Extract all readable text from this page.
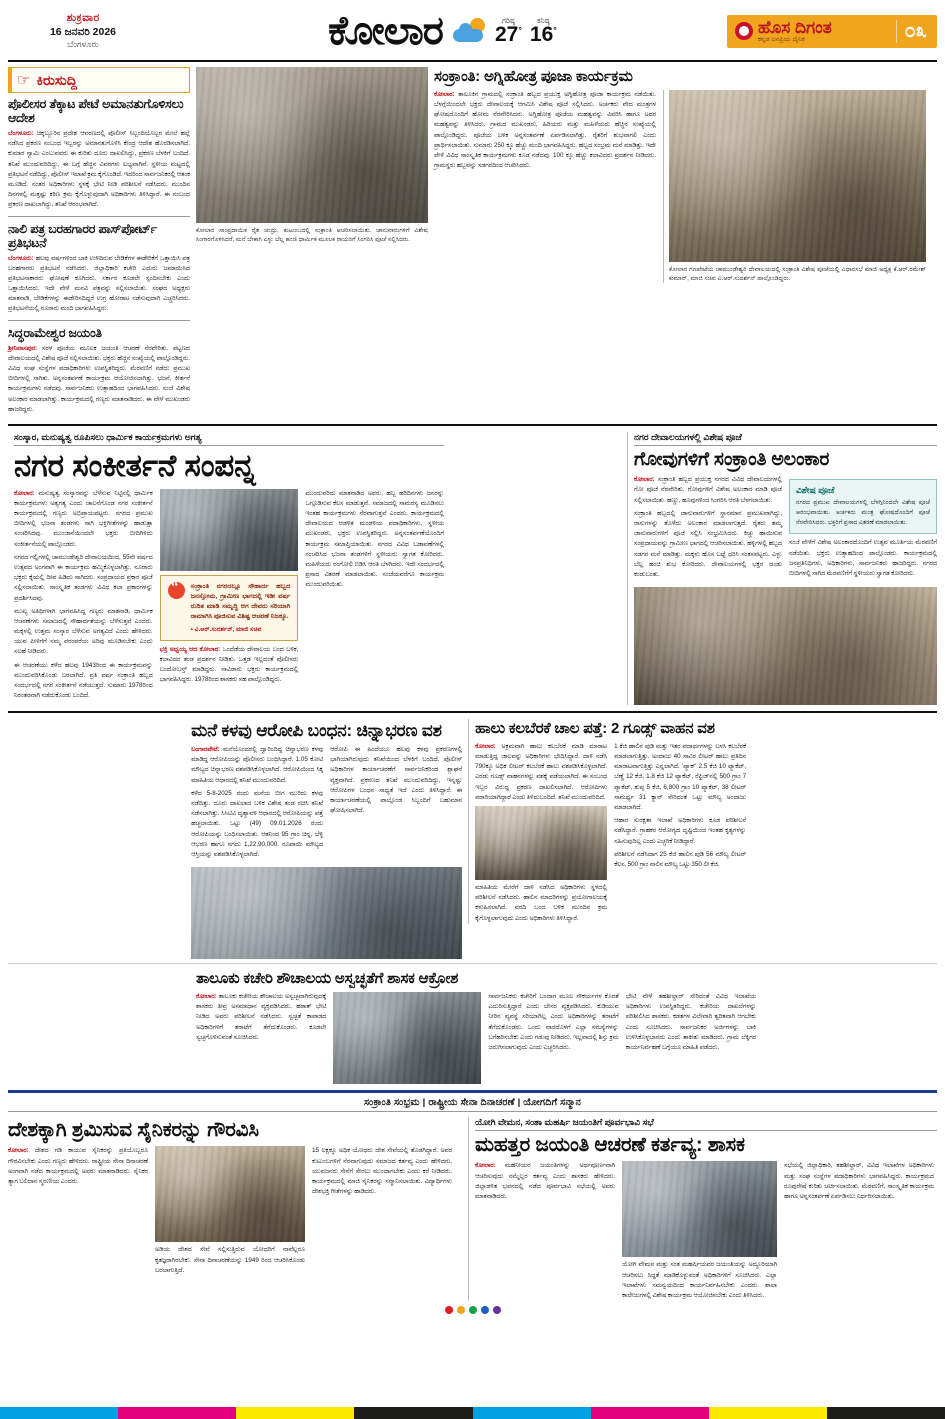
ಶುಕ್ರವಾರ
16 ಜನವರಿ 2026
ಬೆಂಗಳೂರು	ಕೋಲಾರ	ಗರಿಷ್ಠ
27°
ಕನಿಷ್ಠ
16°	ಹೊಸ ದಿಗಂತ
ಕನ್ನಡ ಜನಪ್ರಿಯ ದೈನಿಕ	೦೩
☞ ಕಿರುಸುದ್ದಿ
ಪೊಲೀಸರ ತೆಕ್ಕಾಟ ಪೇಟೆ ಅಮಾನತುಗೊಳಿಸಲು ಆದೇಶ

ಬೆಂಗಳೂರು: ಚಿಕ್ಕಬ್ಬೂರಿನ ಪ್ರದೇಶ ಆವರಣದಲ್ಲಿ ಪೊಲೀಸ್ ಸಿಬ್ಬಂದಿಯೊಬ್ಬರ ಮೇಲೆ ಹಲ್ಲೆ ನಡೆಸಿದ ಪ್ರಕರಣ ಸಂಬಂಧ ಇಬ್ಬರನ್ನು ಅಮಾನತುಗೊಳಿಸಿ ಕೇಂದ್ರ ಆದೇಶ ಹೊರಡಿಸಲಾಗಿದೆ. ಕುಮಾರ ಸ್ವಾಮಿ ಎಂಬುವವರು ಈ ಕುರಿತು ದೂರು ದಾಖಲಿಸಿದ್ದು, ಪ್ರಕರಣ ಬೆಳಕಿಗೆ ಬಂದಿದೆ. ತನಿಖೆ ಮುಂದುವರಿದಿದ್ದು, ಈ ಬಗ್ಗೆ ಹೆಚ್ಚಿನ ವಿವರಗಳು ಲಭ್ಯವಾಗಿವೆ. ಸ್ಥಳೀಯ ಮಟ್ಟದಲ್ಲಿ ಪ್ರತಿಭಟನೆ ನಡೆದಿದ್ದು, ಪೊಲೀಸ್ ಇಲಾಖೆ ಕ್ರಮ ಕೈಗೊಂಡಿದೆ. ಇದರಿಂದ ಸಾರ್ವಜನಿಕರಲ್ಲಿ ಆತಂಕ ಮೂಡಿದೆ. ನಂತರ ಅಧಿಕಾರಿಗಳು ಸ್ಥಳಕ್ಕೆ ಭೇಟಿ ನೀಡಿ ಪರಿಶೀಲನೆ ನಡೆಸಿದರು. ಮುಂದಿನ ದಿನಗಳಲ್ಲಿ ಮತ್ತಷ್ಟು ಕಠಿಣ ಕ್ರಮ ಕೈಗೊಳ್ಳುವುದಾಗಿ ಅಧಿಕಾರಿಗಳು ತಿಳಿಸಿದ್ದಾರೆ. ಈ ಸಂಬಂಧ ಪ್ರಕರಣ ದಾಖಲಾಗಿದ್ದು, ತನಿಖೆ ಆರಂಭವಾಗಿದೆ.

ನಾಲಿ ಪತ್ರ ಬರಹಗಾರರ ಪಾಸ್‌ಪೋರ್ಟ್ ಪ್ರತಿಭಟನೆ

ಬೆಂಗಳೂರು: ಹಲವು ವರ್ಷಗಳಿಂದ ಬಾಕಿ ಉಳಿದಿರುವ ಬೇಡಿಕೆಗಳ ಈಡೇರಿಕೆಗೆ ಒತ್ತಾಯಿಸಿ ಪತ್ರ ಬರಹಗಾರರು ಪ್ರತಿಭಟನೆ ನಡೆಸಿದರು. ಜಿಲ್ಲಾಧಿಕಾರಿ ಕಚೇರಿ ಎದುರು ಜಮಾಯಿಸಿದ ಪ್ರತಿಭಟನಾಕಾರರು ಘೋಷಣೆ ಕೂಗಿದರು. ಸರ್ಕಾರ ಕೂಡಲೇ ಸ್ಪಂದಿಸಬೇಕು ಎಂದು ಒತ್ತಾಯಿಸಿದರು. ಇದೇ ವೇಳೆ ಮನವಿ ಪತ್ರವನ್ನು ಸಲ್ಲಿಸಲಾಯಿತು. ಸಂಘದ ಅಧ್ಯಕ್ಷರು ಮಾತನಾಡಿ, ಬೇಡಿಕೆಗಳನ್ನು ಈಡೇರಿಸದಿದ್ದರೆ ಉಗ್ರ ಹೋರಾಟ ನಡೆಸುವುದಾಗಿ ಎಚ್ಚರಿಸಿದರು. ಪ್ರತಿಭಟನೆಯಲ್ಲಿ ನೂರಾರು ಮಂದಿ ಭಾಗವಹಿಸಿದ್ದರು.

ಸಿದ್ಧರಾಮೇಶ್ವರ ಜಯಂತಿ

ಶ್ರೀನಿವಾಸಪುರ: ಸರಳ ಪೂಜೆಯ ಮೂಲಕ ಜಯಂತಿ ಆಚರಣೆ ನೆರವೇರಿತು. ಪಟ್ಟಣದ ದೇವಾಲಯದಲ್ಲಿ ವಿಶೇಷ ಪೂಜೆ ಸಲ್ಲಿಸಲಾಯಿತು. ಭಕ್ತರು ಹೆಚ್ಚಿನ ಸಂಖ್ಯೆಯಲ್ಲಿ ಪಾಲ್ಗೊಂಡಿದ್ದರು. ವಿವಿಧ ಸಂಘ ಸಂಸ್ಥೆಗಳ ಪದಾಧಿಕಾರಿಗಳು ಉಪಸ್ಥಿತರಿದ್ದರು. ಮೆರವಣಿಗೆ ನಡೆದು ಪ್ರಮುಖ ಬೀದಿಗಳಲ್ಲಿ ಸಾಗಿತು. ಅನ್ನಸಂತರ್ಪಣೆ ಕಾರ್ಯಕ್ರಮ ಆಯೋಜಿಸಲಾಗಿತ್ತು. ಭಜನೆ, ಕೀರ್ತನೆ ಕಾರ್ಯಕ್ರಮಗಳು ನಡೆದವು. ಸಾರ್ವಜನಿಕರು ಉತ್ಸಾಹದಿಂದ ಭಾಗವಹಿಸಿದರು. ಸಂಜೆ ವಿಶೇಷ ಅಲಂಕಾರ ಮಾಡಲಾಗಿತ್ತು. ಕಾರ್ಯಕ್ರಮದಲ್ಲಿ ಗಣ್ಯರು ಮಾತನಾಡಿದರು. ಈ ವೇಳೆ ಮುಖಂಡರು ಹಾಜರಿದ್ದರು.

ಕೋಲಾರ ಸಾಂಪ್ರದಾಯಿಕ ರೈತ ಚಂದ್ರು, ಕುಟುಂಬದಲ್ಲಿ ಸಂಕ್ರಾಂತಿ ಆಚರಿಸಲಾಯಿತು. ಜಾನುವಾರುಗಳಿಗೆ ವಿಶೇಷ ಸಿಂಗಾರಗೊಳಿಸಿದರೆ, ಮನೆ ಬೇಕಾಗಿ ಎಳ್ಳು ಬೆಲ್ಲ ಹಂಚಿ ಧಾರ್ಮಿಕ ಮೂಲಕ ರಾಯರಿಗೆ ಸಿಂಗರಿಸಿ ಪೂಜೆ ಸಲ್ಲಿಸಿದರು.
ಸಂಕ್ರಾಂತಿ: ಅಗ್ನಿಹೋತ್ರ ಪೂಜಾ ಕಾರ್ಯಕ್ರಮ

ಕೋಲಾರ: ತಾಲೂಕಿನ ಗ್ರಾಮದಲ್ಲಿ ಸಂಕ್ರಾಂತಿ ಹಬ್ಬದ ಪ್ರಯುಕ್ತ ಅಗ್ನಿಹೋತ್ರ ಪೂಜಾ ಕಾರ್ಯಕ್ರಮ ನಡೆಯಿತು. ಬೆಳಗ್ಗೆಯಿಂದಲೇ ಭಕ್ತರು ದೇವಾಲಯಕ್ಕೆ ಆಗಮಿಸಿ ವಿಶೇಷ ಪೂಜೆ ಸಲ್ಲಿಸಿದರು. ಅರ್ಚಕರು ವೇದ ಮಂತ್ರಗಳ ಘೋಷದೊಂದಿಗೆ ಹೋಮ ನೆರವೇರಿಸಿದರು. ಅಗ್ನಿಹೋತ್ರ ಪೂಜೆಯ ಮಹತ್ವವನ್ನು ವಿವರಿಸಿ ಹಾಗೂ ಅದರ ಮಹತ್ವವನ್ನು ತಿಳಿಸಿದರು. ಗ್ರಾಮದ ಮುಖಂಡರು, ಹಿರಿಯರು ಮತ್ತು ಮಹಿಳೆಯರು ಹೆಚ್ಚಿನ ಸಂಖ್ಯೆಯಲ್ಲಿ ಪಾಲ್ಗೊಂಡಿದ್ದರು. ಪೂಜೆಯ ಬಳಿಕ ಅನ್ನಸಂತರ್ಪಣೆ ಏರ್ಪಡಿಸಲಾಗಿತ್ತು. ರೈತರಿಗೆ ಶುಭವಾಗಲಿ ಎಂದು ಪ್ರಾರ್ಥಿಸಲಾಯಿತು. ಸುಮಾರು 250 ಕ್ಕೂ ಹೆಚ್ಚು ಮಂದಿ ಭಾಗವಹಿಸಿದ್ದರು. ಹಬ್ಬದ ಸಂಭ್ರಮ ಮನೆ ಮಾಡಿತ್ತು. ಇದೇ ವೇಳೆ ವಿವಿಧ ಸಾಂಸ್ಕೃತಿಕ ಕಾರ್ಯಕ್ರಮಗಳು ಕೂಡ ನಡೆದವು. 100 ಕ್ಕೂ ಹೆಚ್ಚು ಕಲಾವಿದರು ಪ್ರದರ್ಶನ ನೀಡಿದರು. ಗ್ರಾಮಸ್ಥರು ಹಬ್ಬವನ್ನು ಸಡಗರದಿಂದ ಆಚರಿಸಿದರು.

ಕೋಲಾರ ಗಣಪೇಟೆಯ ಚಾಮುಂಡೇಶ್ವರಿ ದೇವಾಲಯದಲ್ಲಿ ಸಂಕ್ರಾಂತಿ ವಿಶೇಷ ಪೂಜೆಯಲ್ಲಿ ವಿಧಾನಸಭೆ ಮಾಜಿ ಅಧ್ಯಕ್ಷ ಕೆ.ಆರ್.ರಮೇಶ್ ಕುಮಾರ್, ಮಾಜಿ ಸಚಿವ ವಿ.ಆರ್.ಸುದರ್ಶನ್ ಪಾಲ್ಗೊಂಡಿದ್ದರು.
ಸಂಸ್ಕಾರ, ಮನುಷ್ಯತ್ವ ರೂಪಿಸಲು ಧಾರ್ಮಿಕ ಕಾರ್ಯಕ್ರಮಗಳು ಅಗತ್ಯ
ನಗರ ಸಂಕೀರ್ತನೆ ಸಂಪನ್ನ

ಕೋಲಾರ: ಮನುಷ್ಯತ್ವ ಸಂಸ್ಕಾರವನ್ನು ಬೆಳೆಸುವ ನಿಟ್ಟಿನಲ್ಲಿ ಧಾರ್ಮಿಕ ಕಾರ್ಯಕ್ರಮಗಳು ಅತ್ಯಗತ್ಯ ಎಂದು ಚಾಲನೆಗೊಂಡ ನಗರ ಸಂಕೀರ್ತನೆ ಕಾರ್ಯಕ್ರಮದಲ್ಲಿ ಗಣ್ಯರು ಅಭಿಪ್ರಾಯಪಟ್ಟರು. ನಗರದ ಪ್ರಮುಖ ಬೀದಿಗಳಲ್ಲಿ ಭಜನಾ ತಂಡಗಳು ಸಾಗಿ ಭಕ್ತಿಗೀತೆಗಳನ್ನು ಹಾಡುತ್ತಾ ಸಂಚರಿಸಿದವು. ಮುಂಜಾನೆಯಿಂದಲೇ ಭಕ್ತರು ಬೀದಿಗಿಳಿದು ಸಂಕೀರ್ತನೆಯಲ್ಲಿ ಪಾಲ್ಗೊಂಡರು.

ನಗರದ ಗಲ್ಲಿಗಳಲ್ಲಿ ಚಾಮುಂಡೇಶ್ವರಿ ದೇವಾಲಯದಿಂದ, 55ನೇ ವರ್ಷದ ಉತ್ಸವದ ಅಂಗವಾಗಿ ಈ ಕಾರ್ಯಕ್ರಮ ಹಮ್ಮಿಕೊಳ್ಳಲಾಗಿತ್ತು. ನೂರಾರು ಭಕ್ತರು ಕೈಯಲ್ಲಿ ದೀಪ ಹಿಡಿದು ಸಾಗಿದರು. ಸಂಪ್ರದಾಯದ ಪ್ರಕಾರ ಪೂಜೆ ಸಲ್ಲಿಸಲಾಯಿತು. ಸಾಂಸ್ಕೃತಿಕ ತಂಡಗಳು ವಿವಿಧ ಕಲಾ ಪ್ರಕಾರಗಳನ್ನು ಪ್ರದರ್ಶಿಸಿದವು.

ಮುಖ್ಯ ಅತಿಥಿಗಳಾಗಿ ಭಾಗವಹಿಸಿದ್ದ ಗಣ್ಯರು ಮಾತನಾಡಿ, ಧಾರ್ಮಿಕ ಆಚರಣೆಗಳು ಸಮಾಜದಲ್ಲಿ ಸೌಹಾರ್ದತೆಯನ್ನು ಬೆಳೆಸುತ್ತವೆ ಎಂದರು. ಮಕ್ಕಳಲ್ಲಿ ಉತ್ತಮ ಸಂಸ್ಕಾರ ಬೆಳೆಸುವ ಅಗತ್ಯವಿದೆ ಎಂದು ಹೇಳಿದರು. ಯುವ ಪೀಳಿಗೆಗೆ ನಮ್ಮ ಪರಂಪರೆಯ ಅರಿವು ಮೂಡಿಸಬೇಕು ಎಂದು ಸಲಹೆ ನೀಡಿದರು.

ಈ ಆಚರಣೆಯು ಕಳೆದ ಹಲವು 1943ರಿಂದ ಈ ಕಾರ್ಯಕ್ರಮವನ್ನು ಮುಂದುವರಿಸಿಕೊಂಡು ಬರಲಾಗಿದೆ. ಪ್ರತಿ ವರ್ಷ ಸಂಕ್ರಾಂತಿ ಹಬ್ಬದ ಸಂದರ್ಭದಲ್ಲಿ ನಗರ ಸಂಕೀರ್ತನೆ ನಡೆಯುತ್ತದೆ. ಸುಮಾರು 1978ರಿಂದ ನಿರಂತರವಾಗಿ ನಡೆದುಕೊಂಡು ಬಂದಿದೆ.

“
ಸಂಕ್ರಾಂತಿ ನಗರದಲ್ಲೂ ಸೌಹಾರ್ದ ಹಬ್ಬದ ಜನಸ್ತೋಮ, ಗ್ರಾಮೀಣ ಭಾಗದಲ್ಲಿ ಇಡೀ ವರ್ಷ ರುದಿತ ಮಾಡಿ ಸಮೃದ್ಧಿ ಆಗ ದೇವರು ಸರಿಯಾಗಿ ರಾಮಾಗಿಸಿ ಪೂಜಿಸುವ ವಿಶಿಷ್ಟ ಆಚರಣೆ ನಿಜಕ್ಕೂ.
▪ ವಿ.ಆರ್.ಸುದರ್ಶನ್, ಮಾಜಿ ಸಚಿವ

ಭಕ್ತಿ ಅಧ್ವಯ್ಯ ಆದ ಕೋಲಾರ: ಒಂದೆಡೆಯ ದೇವಾಲಯ ಬಂದ ಬಳಿಕ, ಕಲಾವಿದರ ತಂಡ ಪ್ರದರ್ಶನ ನೀಡಿತು. ಒತ್ತಡ ಇಲ್ಲದಂತೆ ಪೊಲೀಸರು ಬಂದೋಬಸ್ತ್ ಮಾಡಿದ್ದರು. ಸಾವಿರಾರು ಭಕ್ತರು ಕಾರ್ಯಕ್ರಮದಲ್ಲಿ ಭಾಗವಹಿಸಿದ್ದರು. 1978ರಿಂದ ಶಾಸಕರು ಸಹ ಪಾಲ್ಗೊಂಡಿದ್ದರು.

ಮುಂದುವರಿದು ಮಾತನಾಡಿದ ಅವರು, ಹಬ್ಬ ಹರಿದಿನಗಳು ಜನರನ್ನು ಒಗ್ಗೂಡಿಸುವ ಕೆಲಸ ಮಾಡುತ್ತವೆ. ಸಮಾಜದಲ್ಲಿ ಸಾಮರಸ್ಯ ಮೂಡಿಸಲು ಇಂತಹ ಕಾರ್ಯಕ್ರಮಗಳು ನೆರವಾಗುತ್ತವೆ ಎಂದರು. ಕಾರ್ಯಕ್ರಮದಲ್ಲಿ ದೇವಾಲಯದ ಆಡಳಿತ ಮಂಡಳಿಯ ಪದಾಧಿಕಾರಿಗಳು, ಸ್ಥಳೀಯ ಮುಖಂಡರು, ಭಕ್ತರು ಉಪಸ್ಥಿತರಿದ್ದರು. ಅನ್ನಸಂತರ್ಪಣೆಯೊಂದಿಗೆ ಕಾರ್ಯಕ್ರಮ ಸಮಾಪ್ತಿಯಾಯಿತು. ನಗರದ ವಿವಿಧ ಬಡಾವಣೆಗಳಲ್ಲಿ ಸಂಚರಿಸಿದ ಭಜನಾ ತಂಡಗಳಿಗೆ ಸ್ಥಳೀಯರು ಸ್ವಾಗತ ಕೋರಿದರು. ಮಹಿಳೆಯರು ರಂಗೋಲಿ ಬಿಡಿಸಿ ಆರತಿ ಬೆಳಗಿದರು. ಇದೇ ಸಂದರ್ಭದಲ್ಲಿ ಪ್ರಸಾದ ವಿತರಣೆ ಮಾಡಲಾಯಿತು. ಸಂಜೆಯವರೆಗೂ ಕಾರ್ಯಕ್ರಮ ಮುಂದುವರಿಯಿತು.
ನಗರ ದೇವಾಲಯಗಳಲ್ಲಿ ವಿಶೇಷ ಪೂಜೆ
ಗೋವುಗಳಿಗೆ ಸಂಕ್ರಾಂತಿ ಅಲಂಕಾರ

ಕೋಲಾರ: ಸಂಕ್ರಾಂತಿ ಹಬ್ಬದ ಪ್ರಯುಕ್ತ ನಗರದ ವಿವಿಧ ದೇವಾಲಯಗಳಲ್ಲಿ ಗೋ ಪೂಜೆ ನೆರವೇರಿತು. ಗೋವುಗಳಿಗೆ ವಿಶೇಷ ಅಲಂಕಾರ ಮಾಡಿ ಪೂಜೆ ಸಲ್ಲಿಸಲಾಯಿತು. ಹಣ್ಣು, ಹೂವುಗಳಿಂದ ಸಿಂಗರಿಸಿ ಆರತಿ ಬೆಳಗಲಾಯಿತು.

ಸಂಕ್ರಾಂತಿ ಹಬ್ಬದಲ್ಲಿ ಜಾನುವಾರುಗಳಿಗೆ ಸ್ಥಾನಮಾನ ಪ್ರಮುಖವಾಗಿದ್ದು, ರಾಸುಗಳನ್ನು ತೊಳೆದು ಅಲಂಕಾರ ಮಾಡಲಾಗುತ್ತದೆ. ರೈತರು ತಮ್ಮ ಜಾನುವಾರುಗಳಿಗೆ ಪೂಜೆ ಸಲ್ಲಿಸಿ ಸಂಭ್ರಮಿಸಿದರು. ಕಿಚ್ಚು ಹಾಯಿಸುವ ಸಂಪ್ರದಾಯವನ್ನು ಗ್ರಾಮೀಣ ಭಾಗದಲ್ಲಿ ಆಚರಿಸಲಾಯಿತು. ಹಳ್ಳಿಗಳಲ್ಲಿ ಹಬ್ಬದ ಸಡಗರ ಮನೆ ಮಾಡಿತ್ತು. ಮಕ್ಕಳು ಹೊಸ ಬಟ್ಟೆ ಧರಿಸಿ ಸಂತಸಪಟ್ಟರು. ಎಳ್ಳು ಬೆಲ್ಲ ಹಂಚಿ ಶುಭ ಕೋರಿದರು. ದೇವಾಲಯಗಳಲ್ಲಿ ಭಕ್ತರ ದಂಡು ಕಂಡುಬಂತು.

ವಿಶೇಷ ಪೂಜೆ
ನಗರದ ಪ್ರಮುಖ ದೇವಾಲಯಗಳಲ್ಲಿ ಬೆಳಗ್ಗಿನಿಂದಲೇ ವಿಶೇಷ ಪೂಜೆ ಆರಂಭವಾಯಿತು. ಅರ್ಚಕರು ಮಂತ್ರ ಘೋಷದೊಂದಿಗೆ ಪೂಜೆ ನೆರವೇರಿಸಿದರು. ಭಕ್ತರಿಗೆ ಪ್ರಸಾದ ವಿತರಣೆ ಮಾಡಲಾಯಿತು.
ಸಂಜೆ ವೇಳೆಗೆ ವಿಶೇಷ ಅಲಂಕಾರದೊಂದಿಗೆ ಉತ್ಸವ ಮೂರ್ತಿಯ ಮೆರವಣಿಗೆ ನಡೆಯಿತು. ಭಕ್ತರು ಉತ್ಸಾಹದಿಂದ ಪಾಲ್ಗೊಂಡರು. ಕಾರ್ಯಕ್ರಮದಲ್ಲಿ ಜನಪ್ರತಿನಿಧಿಗಳು, ಅಧಿಕಾರಿಗಳು, ಸಾರ್ವಜನಿಕರು ಹಾಜರಿದ್ದರು. ನಗರದ ಬೀದಿಗಳಲ್ಲಿ ಸಾಗಿದ ಮೆರವಣಿಗೆಗೆ ಸ್ಥಳೀಯರು ಸ್ವಾಗತ ಕೋರಿದರು.
ಮನೆ ಕಳವು ಆರೋಪಿ ಬಂಧನ: ಚಿನ್ನಾಭರಣ ವಶ

ಬಂಗಾರಪೇಟೆ: ಮನೆಯೊಂದರಲ್ಲಿ ದ್ವಾರಿಂದಿದ್ದ ಚಿನ್ನಾಭರಣ ಕಳವು ಮಾಡಿದ್ದ ಆರೋಪಿಯನ್ನು ಪೊಲೀಸರು ಬಂಧಿಸಿದ್ದಾರೆ. 1.05 ಕೋಟಿ ಮೌಲ್ಯದ ಚಿನ್ನಾಭರಣ ವಶಪಡಿಸಿಕೊಳ್ಳಲಾಗಿದೆ. ಆರೋಪಿಯಿಂದ ಸಿಕ್ಕ ಮಾಹಿತಿಯ ಆಧಾರದಲ್ಲಿ ತನಿಖೆ ಮುಂದುವರಿದಿದೆ.

ಕಳೆದ 5-8-2025 ರಂದು ಮನೆಯ ಬೀಗ ಮುರಿದು ಕಳವು ನಡೆದಿತ್ತು. ದೂರು ದಾಖಲಾದ ಬಳಿಕ ವಿಶೇಷ ತಂಡ ರಚಿಸಿ ತನಿಖೆ ನಡೆಸಲಾಗಿತ್ತು. ಸಿಸಿಟಿವಿ ದೃಶ್ಯಾವಳಿ ಆಧಾರದಲ್ಲಿ ಆರೋಪಿಯನ್ನು ಪತ್ತೆ ಹಚ್ಚಲಾಯಿತು. ಒಟ್ಟು (49) 09.01.2026 ರಂದು ಆರೋಪಿಯನ್ನು ಬಂಧಿಸಲಾಯಿತು. ಆತನಿಂದ 95 ಗ್ರಾಂ ಚಿನ್ನ, ಬೆಳ್ಳಿ ಆಭರಣ ಹಾಗೂ ನಗದು 1,22,90,000. ರೂಪಾಯಿ ಮೌಲ್ಯದ ಆಸ್ತಿಯನ್ನು ವಶಪಡಿಸಿಕೊಳ್ಳಲಾಗಿದೆ.

ಆರೋಪಿ ಈ ಹಿಂದೆಯೂ ಹಲವು ಕಳವು ಪ್ರಕರಣಗಳಲ್ಲಿ ಭಾಗಿಯಾಗಿರುವುದು ತನಿಖೆಯಿಂದ ಬೆಳಕಿಗೆ ಬಂದಿದೆ. ಪೊಲೀಸ್ ಅಧಿಕಾರಿಗಳ ಕಾರ್ಯಾಚರಣೆಗೆ ಸಾರ್ವಜನಿಕರಿಂದ ಶ್ಲಾಘನೆ ವ್ಯಕ್ತವಾಗಿದೆ. ಪ್ರಕರಣದ ತನಿಖೆ ಮುಂದುವರಿದಿದ್ದು, ಇನ್ನಷ್ಟು ಆರೋಪಿಗಳ ಬಂಧನ ಸಾಧ್ಯತೆ ಇದೆ ಎಂದು ತಿಳಿಸಿದ್ದಾರೆ. ಈ ಕಾರ್ಯಾಚರಣೆಯಲ್ಲಿ ಪಾಲ್ಗೊಂಡ ಸಿಬ್ಬಂದಿಗೆ ಬಹುಮಾನ ಘೋಷಿಸಲಾಗಿದೆ.
ಹಾಲು ಕಲಬೆರಕೆ ಚಾಲ ಪತ್ತೆ: 2 ಗೂಡ್ಸ್ ವಾಹನ ವಶ

ಕೋಲಾರ: ಅಕ್ರಮವಾಗಿ ಹಾಲು ಕಲಬೆರಕೆ ಮಾಡಿ ಮಾರಾಟ ಮಾಡುತ್ತಿದ್ದ ಜಾಲವನ್ನು ಅಧಿಕಾರಿಗಳು ಭೇದಿಸಿದ್ದಾರೆ. ದಾಳಿ ನಡೆಸಿ 790ಕ್ಕೂ ಅಧಿಕ ಲೀಟರ್ ಕಲಬೆರಕೆ ಹಾಲು ವಶಪಡಿಸಿಕೊಳ್ಳಲಾಗಿದೆ. ಎರಡು ಗೂಡ್ಸ್ ವಾಹನಗಳನ್ನು ವಶಕ್ಕೆ ಪಡೆಯಲಾಗಿದೆ. ಈ ಸಂಬಂಧ ಇಬ್ಬರ ವಿರುದ್ಧ ಪ್ರಕರಣ ದಾಖಲಿಸಲಾಗಿದೆ. ಆರೋಪಿಗಳು ಪರಾರಿಯಾಗಿದ್ದಾರೆ ಎಂದು ತಿಳಿದುಬಂದಿದೆ. ತನಿಖೆ ಮುಂದುವರಿದಿದೆ.

ಮಾಹಿತಿಯ ಮೇರೆಗೆ ದಾಳಿ ನಡೆಸಿದ ಅಧಿಕಾರಿಗಳು ಸ್ಥಳದಲ್ಲಿ ಪರಿಶೀಲನೆ ನಡೆಸಿದರು. ಹಾಲಿನ ಮಾದರಿಗಳನ್ನು ಪ್ರಯೋಗಾಲಯಕ್ಕೆ ಕಳುಹಿಸಲಾಗಿದೆ. ವರದಿ ಬಂದ ಬಳಿಕ ಮುಂದಿನ ಕ್ರಮ ಕೈಗೊಳ್ಳಲಾಗುವುದು ಎಂದು ಅಧಿಕಾರಿಗಳು ತಿಳಿಸಿದ್ದಾರೆ.

1 ಕೆಜಿ ಹಾಲಿನ ಪುಡಿ ಮತ್ತು ಇತರ ಪದಾರ್ಥಗಳನ್ನು ಬಳಸಿ ಕಲಬೆರಕೆ ಮಾಡಲಾಗುತ್ತಿತ್ತು. ಅಂದಾಜು 40 ಸಾವಿರ ಲೀಟರ್ ಹಾಲು ಪ್ರತಿದಿನ ಮಾರಾಟವಾಗುತ್ತಿತ್ತು ಎನ್ನಲಾಗಿದೆ. 'ಪ್ಯಾಕ್' 2.5 ಕೆಜಿ 10 ಪ್ಯಾಕೆಟ್, ಬೆಣ್ಣೆ 12 ಕೆಜಿ, 1.8 ಕೆಜಿ 12 ಪ್ಯಾಕೆಟ್, ರೆಫ್ರಿಜ್‌ನಲ್ಲಿ 500 ಗ್ರಾಂ 7 ಪ್ಯಾಕೆಟ್, ತುಪ್ಪ 5 ಕೆಜಿ, 6,800 ಗ್ರಾಂ 10 ಪ್ಯಾಕೆಟ್, 38 ಲೀಟರ್ ಸಾಮರ್ಥ್ಯ 31 ಕ್ಯಾನ್ ಸೇರಿದಂತೆ ಒಟ್ಟು ಮೌಲ್ಯ ಅಂದಾಜು ಮಾಡಲಾಗಿದೆ.

ಆಹಾರ ಸುರಕ್ಷತಾ ಇಲಾಖೆ ಅಧಿಕಾರಿಗಳು ಕೂಡ ಪರಿಶೀಲನೆ ನಡೆಸಿದ್ದಾರೆ. ಗ್ರಾಹಕರ ಆರೋಗ್ಯದ ದೃಷ್ಟಿಯಿಂದ ಇಂತಹ ಕೃತ್ಯಗಳನ್ನು ಸಹಿಸುವುದಿಲ್ಲ ಎಂದು ಎಚ್ಚರಿಕೆ ನೀಡಿದ್ದಾರೆ.

ಪರಿಶೀಲನೆ ನಡೆಸಿದಾಗ 25 ಕೆಜಿ ಹಾಲಿನ ಪುಡಿ 56 ಮೌಲ್ಯ ಲೀಟರ್ ಕೆಲಸ, 500 ಗ್ರಾಂ ನಾಲಿನ ಮೌಲ್ಯ ಒಟ್ಟು 350 ಲೀ ಕೆಜಿ.

ತಾಲೂಕು ಕಚೇರಿ ಶೌಚಾಲಯ ಅಸ್ವಚ್ಛತೆಗೆ ಶಾಸಕ ಆಕ್ರೋಶ

ಕೋಲಾರ: ತಾಲೂಕು ಕಚೇರಿಯ ಶೌಚಾಲಯ ಅಸ್ವಚ್ಛವಾಗಿರುವುದಕ್ಕೆ ಶಾಸಕರು ತೀವ್ರ ಅಸಮಾಧಾನ ವ್ಯಕ್ತಪಡಿಸಿದರು. ಹಠಾತ್ ಭೇಟಿ ನೀಡಿದ ಅವರು ಪರಿಶೀಲನೆ ನಡೆಸಿದರು. ಸ್ವಚ್ಛತೆ ಕಾಪಾಡದ ಅಧಿಕಾರಿಗಳಿಗೆ ತರಾಟೆಗೆ ತೆಗೆದುಕೊಂಡರು. ಕೂಡಲೇ ಸ್ವಚ್ಛಗೊಳಿಸುವಂತೆ ಸೂಚಿಸಿದರು.

ಸಾರ್ವಜನಿಕರು ಕಚೇರಿಗೆ ಬಂದಾಗ ಮೂಲ ಸೌಕರ್ಯಗಳ ಕೊರತೆ ಎದುರಿಸುತ್ತಿದ್ದಾರೆ ಎಂದು ಬೇಸರ ವ್ಯಕ್ತಪಡಿಸಿದರು. ಕುಡಿಯುವ ನೀರಿನ ವ್ಯವಸ್ಥೆ ಸರಿಯಾಗಿಲ್ಲ ಎಂದು ಅಧಿಕಾರಿಗಳನ್ನು ತರಾಟೆಗೆ ತೆಗೆದುಕೊಂಡರು. ಒಂದು ವಾರದೊಳಗೆ ಎಲ್ಲಾ ಸಮಸ್ಯೆಗಳನ್ನು ಬಗೆಹರಿಸಬೇಕು ಎಂದು ಗಡುವು ನೀಡಿದರು. ಇಲ್ಲವಾದಲ್ಲಿ ಶಿಸ್ತು ಕ್ರಮ ಜರುಗಿಸಲಾಗುವುದು ಎಂದು ಎಚ್ಚರಿಸಿದರು.
ಭೇಟಿ ವೇಳೆ ತಹಶೀಲ್ದಾರ್ ಸೇರಿದಂತೆ ವಿವಿಧ ಇಲಾಖೆಯ ಅಧಿಕಾರಿಗಳು ಉಪಸ್ಥಿತರಿದ್ದರು. ಕಚೇರಿಯ ದಾಖಲೆಗಳನ್ನು ಪರಿಶೀಲಿಸಿದ ಶಾಸಕರು, ಕಡತಗಳ ವಿಲೇವಾರಿ ತ್ವರಿತವಾಗಿ ಆಗಬೇಕು ಎಂದು ಸೂಚಿಸಿದರು. ಸಾರ್ವಜನಿಕರ ಅರ್ಜಿಗಳನ್ನು ಬಾಕಿ ಉಳಿಸಿಕೊಳ್ಳಬಾರದು ಎಂದು ತಾಕೀತು ಮಾಡಿದರು. ಗ್ರಾಮ ಲೆಕ್ಕಿಗರ ಕಾರ್ಯನಿರ್ವಹಣೆ ಬಗ್ಗೆಯೂ ಮಾಹಿತಿ ಪಡೆದರು.
ಸಂಕ್ರಾಂತಿ ಸಂಭ್ರಮ | ರಾಷ್ಟ್ರೀಯ ಸೇನಾ ದಿನಾಚರಣೆ | ಯೋಗದಿಗೆ ಸನ್ಮಾನ
ದೇಶಕ್ಕಾಗಿ ಶ್ರಮಿಸುವ ಸೈನಿಕರನ್ನು ಗೌರವಿಸಿ

ಕೋಲಾರ: ದೇಶದ ಗಡಿ ಕಾಯುವ ಸೈನಿಕರನ್ನು ಪ್ರತಿಯೊಬ್ಬರೂ ಗೌರವಿಸಬೇಕು ಎಂದು ಗಣ್ಯರು ಹೇಳಿದರು. ರಾಷ್ಟ್ರೀಯ ಸೇನಾ ದಿನಾಚರಣೆ ಅಂಗವಾಗಿ ನಡೆದ ಕಾರ್ಯಕ್ರಮದಲ್ಲಿ ಅವರು ಮಾತನಾಡಿದರು. ಸೈನಿಕರ ತ್ಯಾಗ ಬಲಿದಾನ ಸ್ಮರಣೀಯ ಎಂದರು.

ಅಡಿಯ ದೇಶದ ಸೇವೆ ಸಲ್ಲಿಸುತ್ತಿರುವ ಯೋಧರಿಗೆ ನಾವೆಲ್ಲರೂ ಕೃತಜ್ಞರಾಗಿರಬೇಕು. ಸೇನಾ ದಿನಾಚರಣೆಯನ್ನು 1949 ರಿಂದ ಆಚರಿಸಿಕೊಂಡು ಬರಲಾಗುತ್ತಿದೆ.
15 ಲಕ್ಷಕ್ಕೂ ಅಧಿಕ ಯೋಧರು ದೇಶ ಸೇವೆಯಲ್ಲಿ ತೊಡಗಿದ್ದಾರೆ. ಅವರ ಕುಟುಂಬಗಳಿಗೆ ನೆರವಾಗುವುದು ಸಮಾಜದ ಕರ್ತವ್ಯ ಎಂದು ಹೇಳಿದರು. ಯುವಜನರು ಸೇನೆಗೆ ಸೇರಲು ಮುಂದಾಗಬೇಕು ಎಂದು ಕರೆ ನೀಡಿದರು. ಕಾರ್ಯಕ್ರಮದಲ್ಲಿ ಮಾಜಿ ಸೈನಿಕರನ್ನು ಸನ್ಮಾನಿಸಲಾಯಿತು. ವಿದ್ಯಾರ್ಥಿಗಳು ದೇಶಭಕ್ತಿ ಗೀತೆಗಳನ್ನು ಹಾಡಿದರು.
ಯೋಗಿ ವೇಮನ, ಸಂತಾ ಮಹರ್ಷಿ ಜಯಂತಿಗೆ ಪೂರ್ವಭಾವಿ ಸಭೆ
ಮಹತ್ತರ ಜಯಂತಿ ಆಚರಣೆ ಕರ್ತವ್ಯ: ಶಾಸಕ

ಕೋಲಾರ: ಮಹನೀಯರ ಜಯಂತಿಗಳನ್ನು ಅರ್ಥಪೂರ್ಣವಾಗಿ ಆಚರಿಸುವುದು ನಮ್ಮೆಲ್ಲರ ಕರ್ತವ್ಯ ಎಂದು ಶಾಸಕರು ಹೇಳಿದರು. ಜಿಲ್ಲಾಡಳಿತ ಭವನದಲ್ಲಿ ನಡೆದ ಪೂರ್ವಭಾವಿ ಸಭೆಯಲ್ಲಿ ಅವರು ಮಾತನಾಡಿದರು.

ಯೋಗಿ ವೇಮನ ಮತ್ತು ಸಂತ ಮಹರ್ಷಿಯವರ ಜಯಂತಿಯನ್ನು ಅದ್ಧೂರಿಯಾಗಿ ಆಚರಿಸಲು ಸಿದ್ಧತೆ ಮಾಡಿಕೊಳ್ಳುವಂತೆ ಅಧಿಕಾರಿಗಳಿಗೆ ಸೂಚಿಸಿದರು. ಎಲ್ಲಾ ಇಲಾಖೆಗಳು ಸಮನ್ವಯದಿಂದ ಕಾರ್ಯನಿರ್ವಹಿಸಬೇಕು ಎಂದರು. ಶಾಲಾ ಕಾಲೇಜುಗಳಲ್ಲಿ ವಿಶೇಷ ಕಾರ್ಯಕ್ರಮ ಆಯೋಜಿಸಬೇಕು ಎಂದು ತಿಳಿಸಿದರು.
ಸಭೆಯಲ್ಲಿ ಜಿಲ್ಲಾಧಿಕಾರಿ, ತಹಶೀಲ್ದಾರ್, ವಿವಿಧ ಇಲಾಖೆಗಳ ಅಧಿಕಾರಿಗಳು ಮತ್ತು ಸಂಘ ಸಂಸ್ಥೆಗಳ ಪದಾಧಿಕಾರಿಗಳು ಭಾಗವಹಿಸಿದ್ದರು. ಕಾರ್ಯಕ್ರಮದ ರೂಪುರೇಷೆ ಕುರಿತು ಚರ್ಚಿಸಲಾಯಿತು. ಮೆರವಣಿಗೆ, ಸಾಂಸ್ಕೃತಿಕ ಕಾರ್ಯಕ್ರಮ ಹಾಗೂ ಅನ್ನಸಂತರ್ಪಣೆ ಏರ್ಪಡಿಸಲು ನಿರ್ಧರಿಸಲಾಯಿತು.
